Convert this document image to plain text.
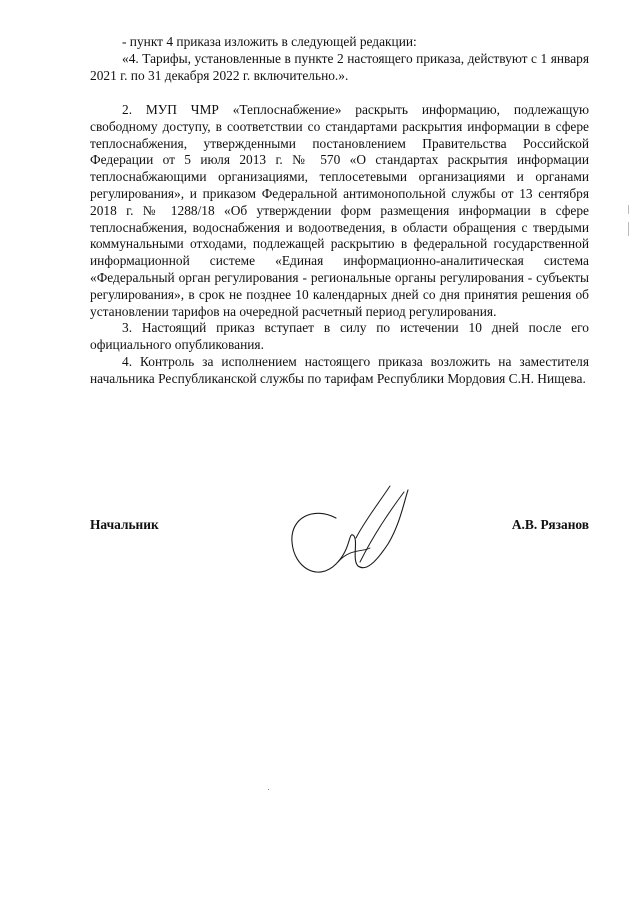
- пункт 4 приказа изложить в следующей редакции:

«4. Тарифы, установленные в пункте 2 настоящего приказа, действуют с 1 января 2021 г. по 31 декабря 2022 г. включительно.».

2. МУП ЧМР «Теплоснабжение» раскрыть информацию, подлежащую свободному доступу, в соответствии со стандартами раскрытия информации в сфере теплоснабжения, утвержденными постановлением Правительства Российской Федерации от 5 июля 2013 г. № 570 «О стандартах раскрытия информации теплоснабжающими организациями, теплосетевыми организациями и органами регулирования», и приказом Федеральной антимонопольной службы от 13 сентября 2018 г. № 1288/18 «Об утверждении форм размещения информации в сфере теплоснабжения, водоснабжения и водоотведения, в области обращения с твердыми коммунальными отходами, подлежащей раскрытию в федеральной государственной информационной системе «Единая информационно-аналитическая система «Федеральный орган регулирования - региональные органы регулирования - субъекты регулирования», в срок не позднее 10 календарных дней со дня принятия решения об установлении тарифов на очередной расчетный период регулирования.

3. Настоящий приказ вступает в силу по истечении 10 дней после его официального опубликования.

4. Контроль за исполнением настоящего приказа возложить на заместителя начальника Республиканской службы по тарифам Республики Мордовия С.Н. Нищева.

Начальник	А.В. Рязанов
